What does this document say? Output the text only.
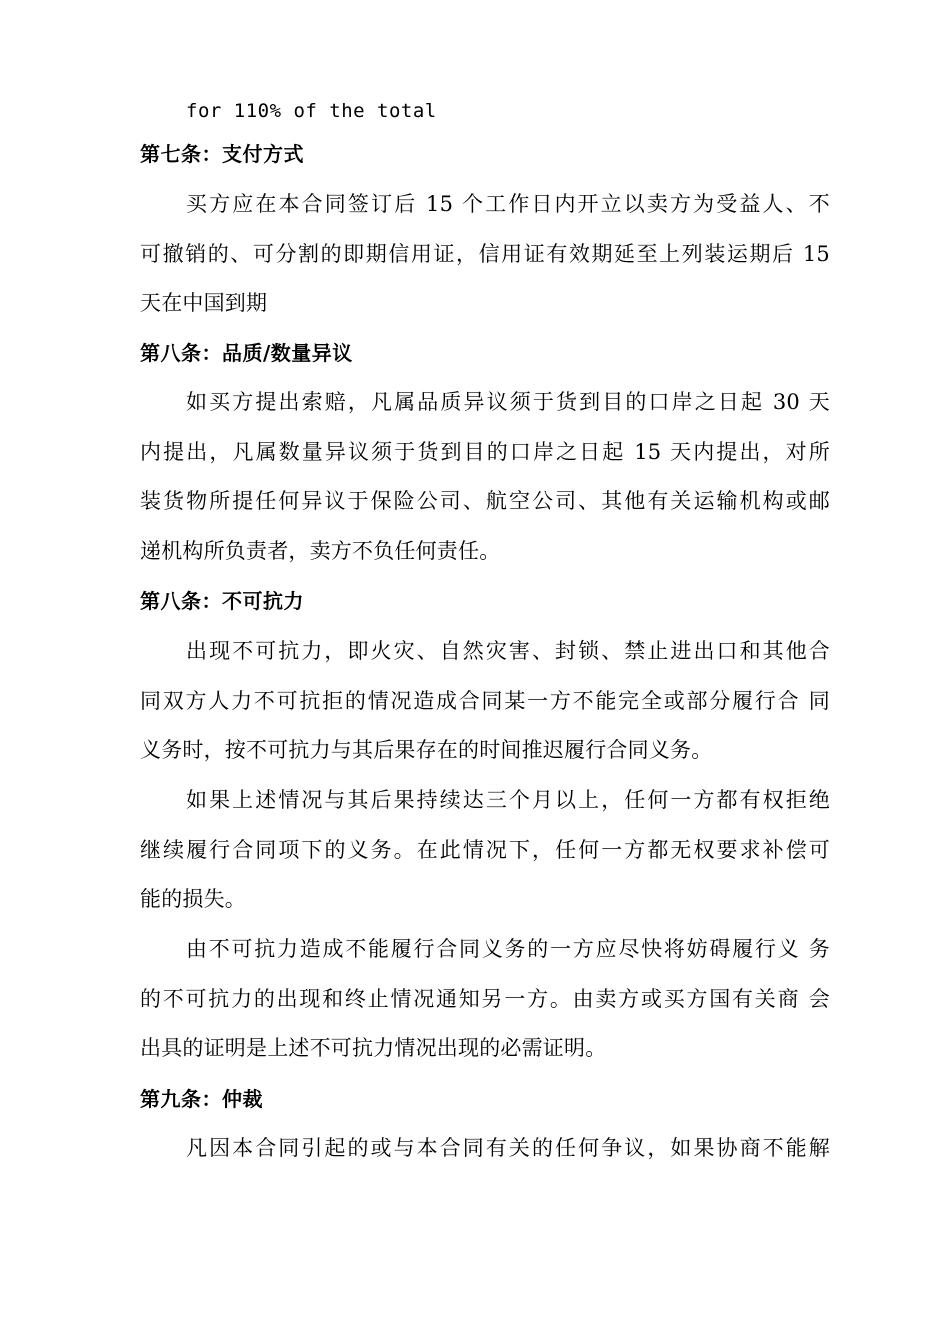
for 110% of the total
第七条：支付方式
买方应在本合同签订后 15 个工作日内开立以卖方为受益人、不
可撤销的、可分割的即期信用证，信用证有效期延至上列装运期后 15
天在中国到期
第八条：品质/数量异议
如买方提出索赔，凡属品质异议须于货到目的口岸之日起 30 天
内提出，凡属数量异议须于货到目的口岸之日起 15 天内提出，对所
装货物所提任何异议于保险公司、航空公司、其他有关运输机构或邮
递机构所负责者，卖方不负任何责任。
第八条：不可抗力
出现不可抗力，即火灾、自然灾害、封锁、禁止进出口和其他合
同双方人力不可抗拒的情况造成合同某一方不能完全或部分履行合 同
义务时，按不可抗力与其后果存在的时间推迟履行合同义务。
如果上述情况与其后果持续达三个月以上，任何一方都有权拒绝
继续履行合同项下的义务。在此情况下，任何一方都无权要求补偿可
能的损失。
由不可抗力造成不能履行合同义务的一方应尽快将妨碍履行义 务
的不可抗力的出现和终止情况通知另一方。由卖方或买方国有关商 会
出具的证明是上述不可抗力情况出现的必需证明。
第九条：仲裁
凡因本合同引起的或与本合同有关的任何争议，如果协商不能解
